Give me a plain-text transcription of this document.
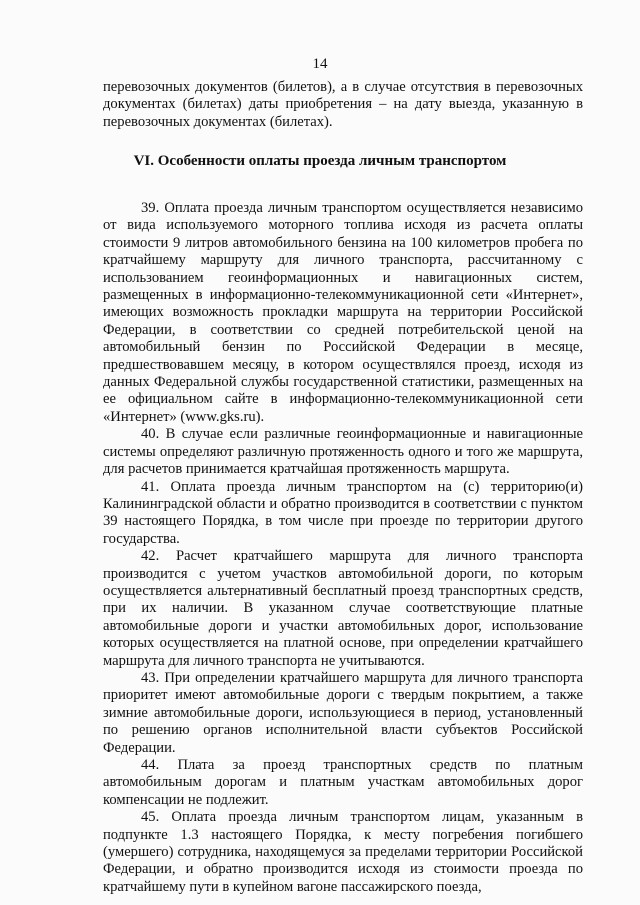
14
перевозочных документов (билетов), а в случае отсутствия в перевозочных документах (билетах) даты приобретения – на дату выезда, указанную в перевозочных документах (билетах).
VI. Особенности оплаты проезда личным транспортом

39. Оплата проезда личным транспортом осуществляется независимо от вида используемого моторного топлива исходя из расчета оплаты стоимости 9 литров автомобильного бензина на 100 километров пробега по кратчайшему маршруту для личного транспорта, рассчитанному с использованием геоинформационных и навигационных систем, размещенных в информационно-телекоммуникационной сети «Интернет», имеющих возможность прокладки маршрута на территории Российской Федерации, в соответствии со средней потребительской ценой на автомобильный бензин по Российской Федерации в месяце, предшествовавшем месяцу, в котором осуществлялся проезд, исходя из данных Федеральной службы государственной статистики, размещенных на ее официальном сайте в информационно-телекоммуникационной сети «Интернет» (www.gks.ru).

40. В случае если различные геоинформационные и навигационные системы определяют различную протяженность одного и того же маршрута, для расчетов принимается кратчайшая протяженность маршрута.

41. Оплата проезда личным транспортом на (с) территорию(и) Калининградской области и обратно производится в соответствии с пунктом 39 настоящего Порядка, в том числе при проезде по территории другого государства.

42. Расчет кратчайшего маршрута для личного транспорта производится с учетом участков автомобильной дороги, по которым осуществляется альтернативный бесплатный проезд транспортных средств, при их наличии. В указанном случае соответствующие платные автомобильные дороги и участки автомобильных дорог, использование которых осуществляется на платной основе, при определении кратчайшего маршрута для личного транспорта не учитываются.

43. При определении кратчайшего маршрута для личного транспорта приоритет имеют автомобильные дороги с твердым покрытием, а также зимние автомобильные дороги, использующиеся в период, установленный по решению органов исполнительной власти субъектов Российской Федерации.

44. Плата за проезд транспортных средств по платным автомобильным дорогам и платным участкам автомобильных дорог компенсации не подлежит.

45. Оплата проезда личным транспортом лицам, указанным в подпункте 1.3 настоящего Порядка, к месту погребения погибшего (умершего) сотрудника, находящемуся за пределами территории Российской Федерации, и обратно производится исходя из стоимости проезда по кратчайшему пути в купейном вагоне пассажирского поезда,
